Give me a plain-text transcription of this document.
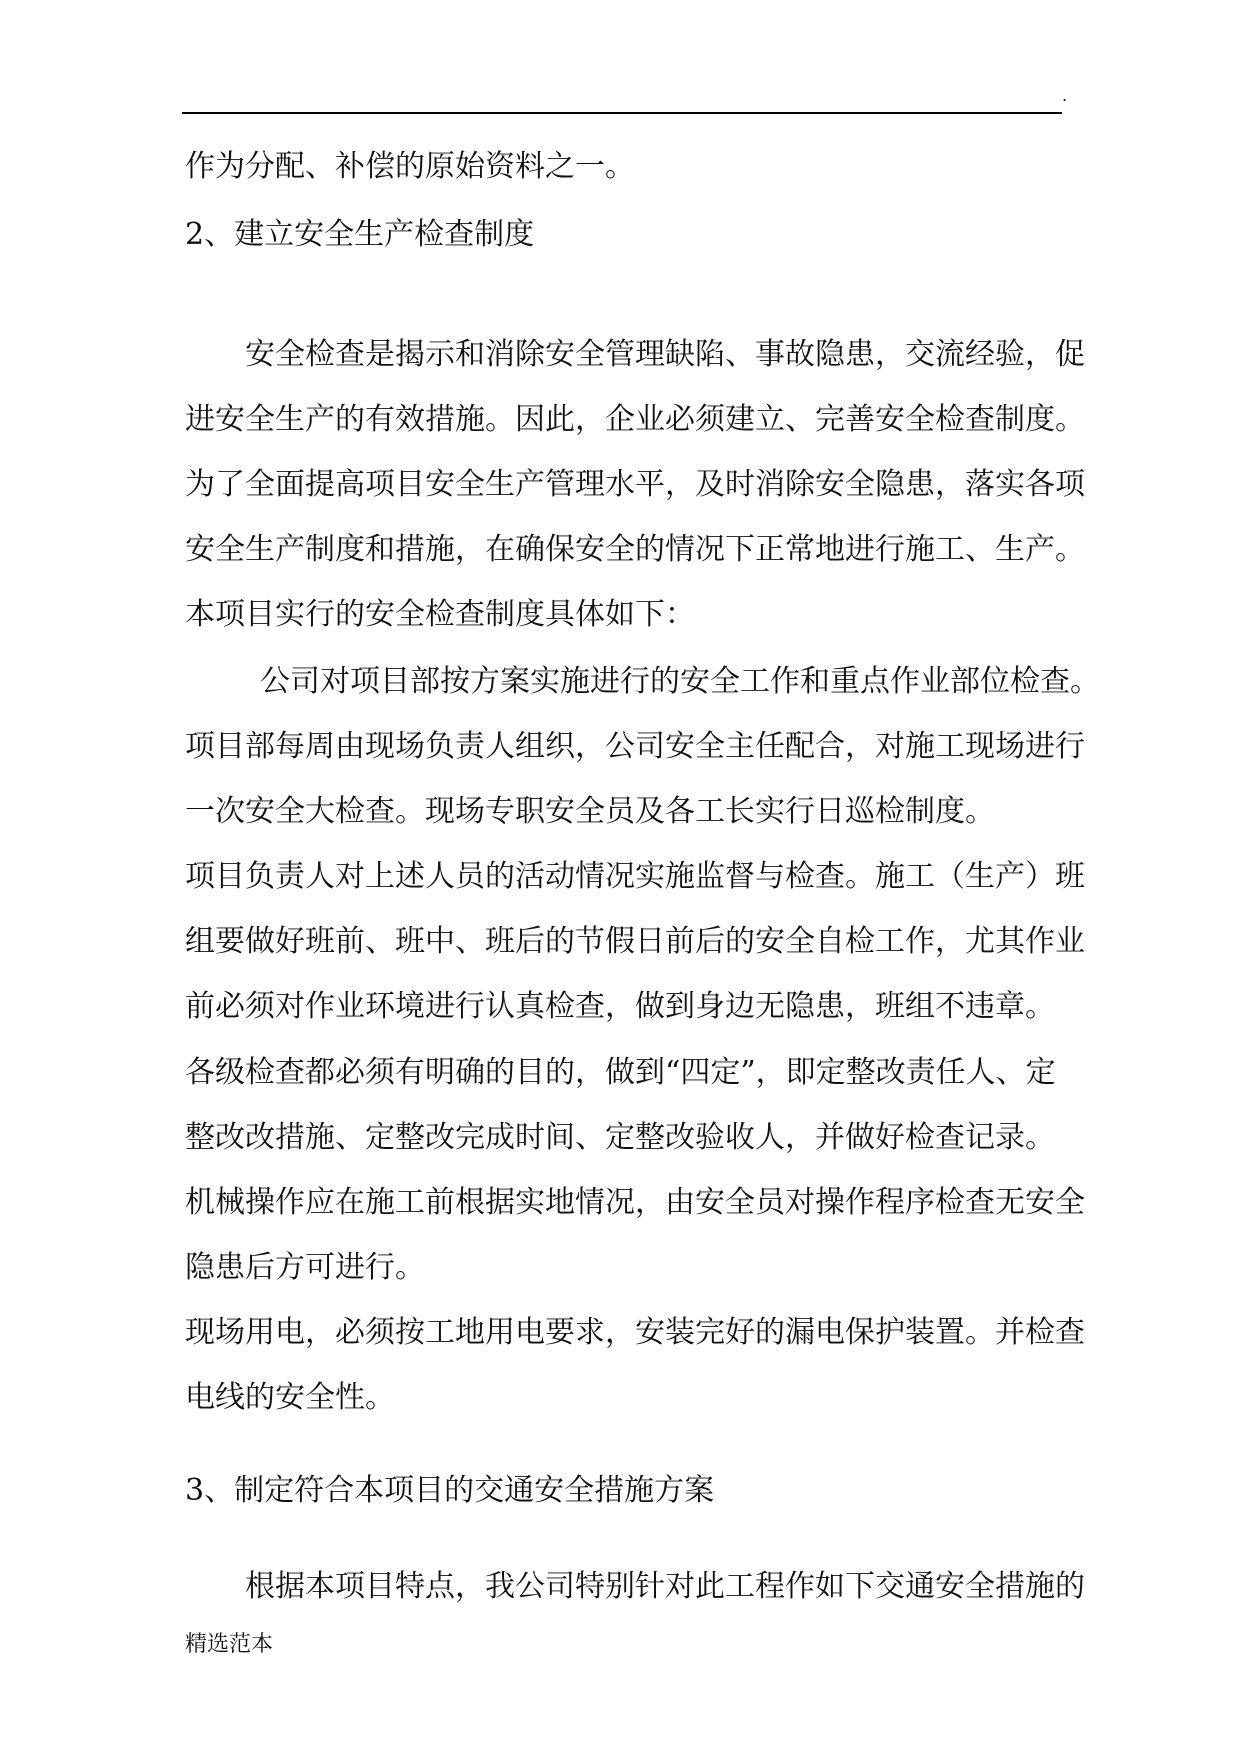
.
作为分配、补偿的原始资料之一。
2、建立安全生产检查制度
安全检查是揭示和消除安全管理缺陷、事故隐患，交流经验，促
进安全生产的有效措施。因此，企业必须建立、完善安全检查制度。
为了全面提高项目安全生产管理水平，及时消除安全隐患，落实各项
安全生产制度和措施，在确保安全的情况下正常地进行施工、生产。
本项目实行的安全检查制度具体如下：
公司对项目部按方案实施进行的安全工作和重点作业部位检查。
项目部每周由现场负责人组织，公司安全主任配合，对施工现场进行
一次安全大检查。现场专职安全员及各工长实行日巡检制度。
项目负责人对上述人员的活动情况实施监督与检查。施工（生产）班
组要做好班前、班中、班后的节假日前后的安全自检工作，尤其作业
前必须对作业环境进行认真检查，做到身边无隐患，班组不违章。
各级检查都必须有明确的目的，做到“四定”，即定整改责任人、定
整改改措施、定整改完成时间、定整改验收人，并做好检查记录。
机械操作应在施工前根据实地情况，由安全员对操作程序检查无安全
隐患后方可进行。
现场用电，必须按工地用电要求，安装完好的漏电保护装置。并检查
电线的安全性。
3、制定符合本项目的交通安全措施方案
根据本项目特点，我公司特别针对此工程作如下交通安全措施的
精选范本
